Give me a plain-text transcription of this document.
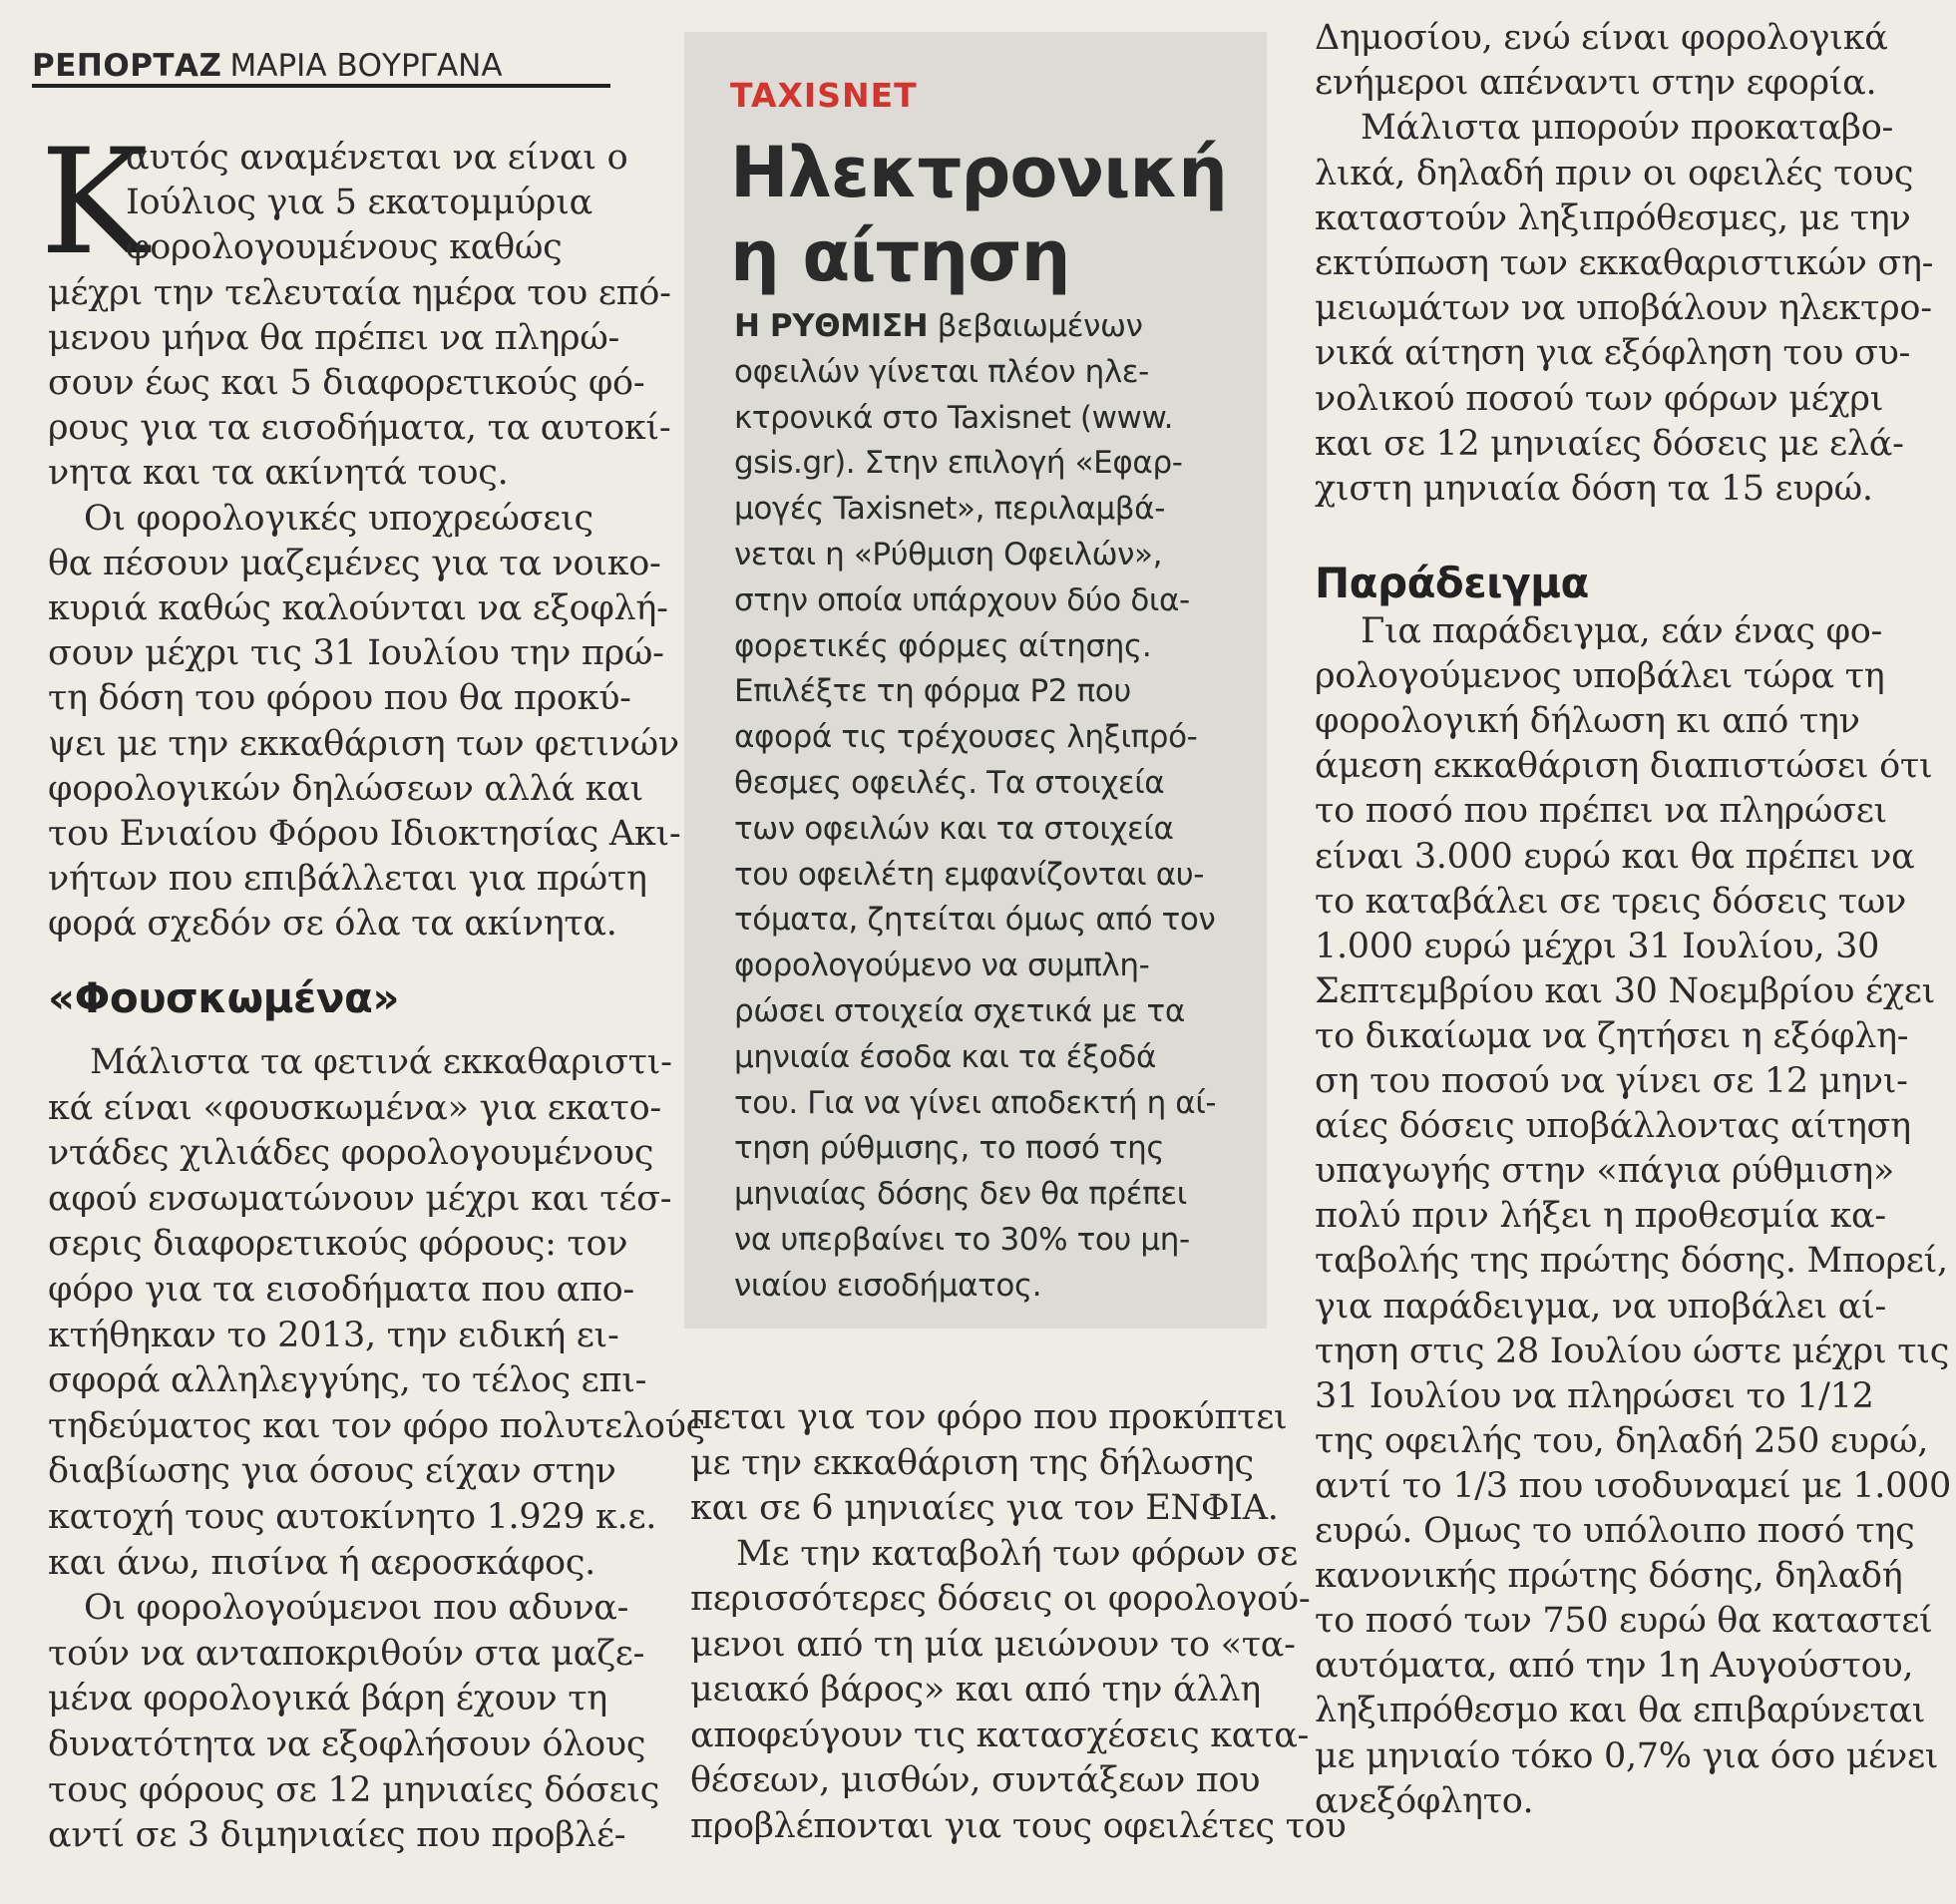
ΡΕΠΟΡΤΑΖ ΜΑΡΙΑ ΒΟΥΡΓΑΝΑ
Κ
αυτός αναμένεται να είναι ο
Ιούλιος για 5 εκατομμύρια
φορολογουμένους καθώς
μέχρι την τελευταία ημέρα του επό-
μενου μήνα θα πρέπει να πληρώ-
σουν έως και 5 διαφορετικούς φό-
ρους για τα εισοδήματα, τα αυτοκί-
νητα και τα ακίνητά τους.
Οι φορολογικές υποχρεώσεις
θα πέσουν μαζεμένες για τα νοικο-
κυριά καθώς καλούνται να εξοφλή-
σουν μέχρι τις 31 Ιουλίου την πρώ-
τη δόση του φόρου που θα προκύ-
ψει με την εκκαθάριση των φετινών
φορολογικών δηλώσεων αλλά και
του Ενιαίου Φόρου Ιδιοκτησίας Ακι-
νήτων που επιβάλλεται για πρώτη
φορά σχεδόν σε όλα τα ακίνητα.
«Φουσκωμένα»
Μάλιστα τα φετινά εκκαθαριστι-
κά είναι «φουσκωμένα» για εκατο-
ντάδες χιλιάδες φορολογουμένους
αφού ενσωματώνουν μέχρι και τέσ-
σερις διαφορετικούς φόρους: τον
φόρο για τα εισοδήματα που απο-
κτήθηκαν το 2013, την ειδική ει-
σφορά αλληλεγγύης, το τέλος επι-
τηδεύματος και τον φόρο πολυτελούς
διαβίωσης για όσους είχαν στην
κατοχή τους αυτοκίνητο 1.929 κ.ε.
και άνω, πισίνα ή αεροσκάφος.
Οι φορολογούμενοι που αδυνα-
τούν να ανταποκριθούν στα μαζε-
μένα φορολογικά βάρη έχουν τη
δυνατότητα να εξοφλήσουν όλους
τους φόρους σε 12 μηνιαίες δόσεις
αντί σε 3 διμηνιαίες που προβλέ-
TAXISNET
Ηλεκτρονική
η αίτηση
Η ΡΥΘΜΙΣΗ βεβαιωμένων
οφειλών γίνεται πλέον ηλε-
κτρονικά στο Taxisnet (www.
gsis.gr). Στην επιλογή «Εφαρ-
μογές Taxisnet», περιλαμβά-
νεται η «Ρύθμιση Οφειλών»,
στην οποία υπάρχουν δύο δια-
φορετικές φόρμες αίτησης.
Επιλέξτε τη φόρμα Ρ2 που
αφορά τις τρέχουσες ληξιπρό-
θεσμες οφειλές. Τα στοιχεία
των οφειλών και τα στοιχεία
του οφειλέτη εμφανίζονται αυ-
τόματα, ζητείται όμως από τον
φορολογούμενο να συμπλη-
ρώσει στοιχεία σχετικά με τα
μηνιαία έσοδα και τα έξοδά
του. Για να γίνει αποδεκτή η αί-
τηση ρύθμισης, το ποσό της
μηνιαίας δόσης δεν θα πρέπει
να υπερβαίνει το 30% του μη-
νιαίου εισοδήματος.
πεται για τον φόρο που προκύπτει
με την εκκαθάριση της δήλωσης
και σε 6 μηνιαίες για τον ΕΝΦΙΑ.
Με την καταβολή των φόρων σε
περισσότερες δόσεις οι φορολογού-
μενοι από τη μία μειώνουν το «τα-
μειακό βάρος» και από την άλλη
αποφεύγουν τις κατασχέσεις κατα-
θέσεων, μισθών, συντάξεων που
προβλέπονται για τους οφειλέτες του
Δημοσίου, ενώ είναι φορολογικά
ενήμεροι απέναντι στην εφορία.
Μάλιστα μπορούν προκαταβο-
λικά, δηλαδή πριν οι οφειλές τους
καταστούν ληξιπρόθεσμες, με την
εκτύπωση των εκκαθαριστικών ση-
μειωμάτων να υποβάλουν ηλεκτρο-
νικά αίτηση για εξόφληση του συ-
νολικού ποσού των φόρων μέχρι
και σε 12 μηνιαίες δόσεις με ελά-
χιστη μηνιαία δόση τα 15 ευρώ.
Παράδειγμα
Για παράδειγμα, εάν ένας φο-
ρολογούμενος υποβάλει τώρα τη
φορολογική δήλωση κι από την
άμεση εκκαθάριση διαπιστώσει ότι
το ποσό που πρέπει να πληρώσει
είναι 3.000 ευρώ και θα πρέπει να
το καταβάλει σε τρεις δόσεις των
1.000 ευρώ μέχρι 31 Ιουλίου, 30
Σεπτεμβρίου και 30 Νοεμβρίου έχει
το δικαίωμα να ζητήσει η εξόφλη-
ση του ποσού να γίνει σε 12 μηνι-
αίες δόσεις υποβάλλοντας αίτηση
υπαγωγής στην «πάγια ρύθμιση»
πολύ πριν λήξει η προθεσμία κα-
ταβολής της πρώτης δόσης. Μπορεί,
για παράδειγμα, να υποβάλει αί-
τηση στις 28 Ιουλίου ώστε μέχρι τις
31 Ιουλίου να πληρώσει το 1/12
της οφειλής του, δηλαδή 250 ευρώ,
αντί το 1/3 που ισοδυναμεί με 1.000
ευρώ. Ομως το υπόλοιπο ποσό της
κανονικής πρώτης δόσης, δηλαδή
το ποσό των 750 ευρώ θα καταστεί
αυτόματα, από την 1η Αυγούστου,
ληξιπρόθεσμο και θα επιβαρύνεται
με μηνιαίο τόκο 0,7% για όσο μένει
ανεξόφλητο.
